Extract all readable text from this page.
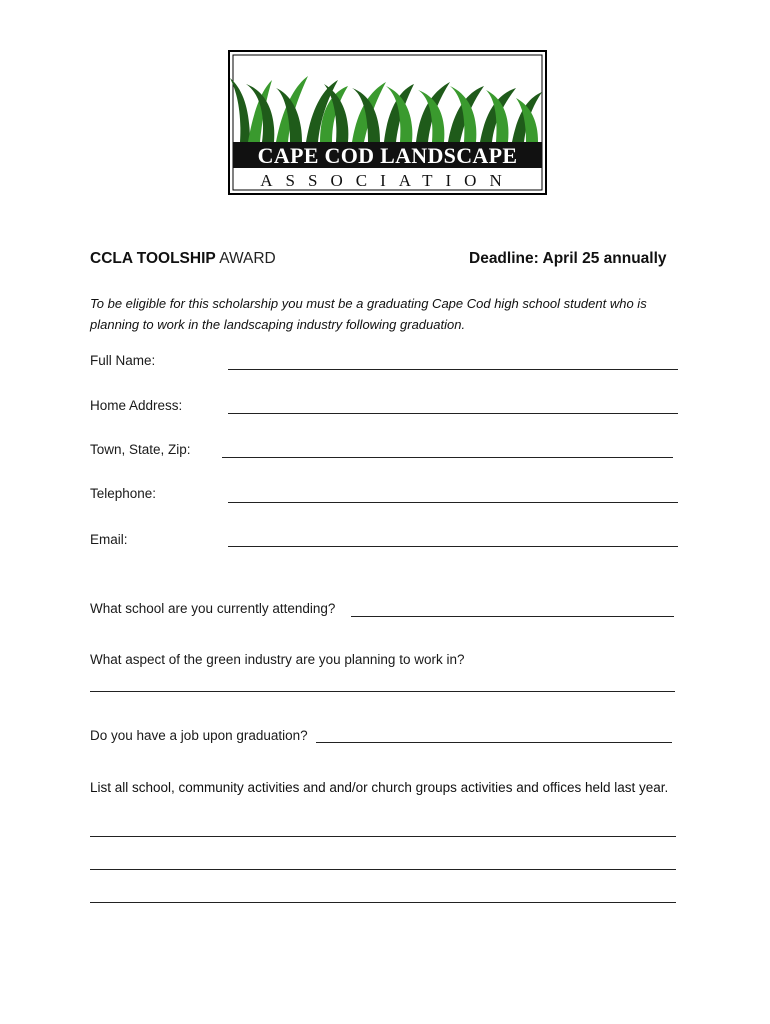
CAPE COD LANDSCAPE
ASSOCIATION
CCLA TOOLSHIP AWARD	Deadline: April 25 annually
To be eligible for this scholarship you must be a graduating Cape Cod high school student who is planning to work in the landscaping industry following graduation.
Full Name:
Home Address:
Town, State, Zip:
Telephone:
Email:
What school are you currently attending?
What aspect of the green industry are you planning to work in?
Do you have a job upon graduation?
List all school, community activities and and/or church groups activities and offices held last year.
